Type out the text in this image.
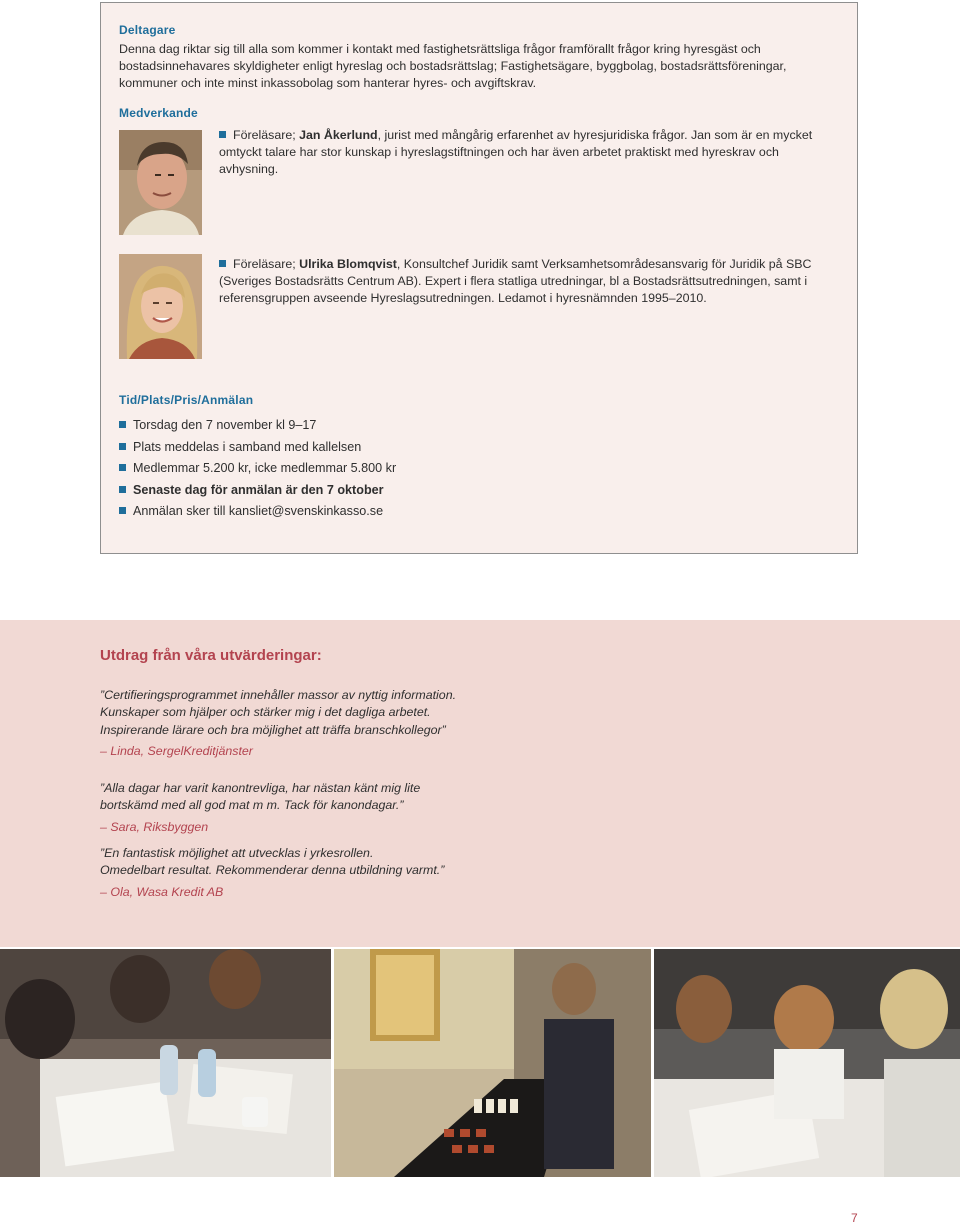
Deltagare
Denna dag riktar sig till alla som kommer i kontakt med fastighetsrättsliga frågor framförallt frågor kring hyresgäst och bostadsinnehavares skyldigheter enligt hyreslag och bostadsrättslag; Fastighetsägare, byggbolag, bostadsrättsföreningar, kommuner och inte minst inkassobolag som hanterar hyres- och avgiftskrav.
Medverkande
Föreläsare; Jan Åkerlund, jurist med mångårig erfarenhet av hyresjuridiska frågor. Jan som är en mycket omtyckt talare har stor kunskap i hyreslagstiftningen och har även arbetet praktiskt med hyreskrav och avhysning.
Föreläsare; Ulrika Blomqvist, Konsultchef Juridik samt Verksamhetsområdesansvarig för Juridik på SBC (Sveriges Bostadsrätts Centrum AB). Expert i flera statliga utredningar, bl a Bostadsrättsutredningen, samt i referensgruppen avseende Hyreslagsutredningen. Ledamot i hyresnämnden 1995–2010.
Tid/Plats/Pris/Anmälan
Torsdag den 7 november kl 9–17
Plats meddelas i samband med kallelsen
Medlemmar 5.200 kr, icke medlemmar 5.800 kr
Senaste dag för anmälan är den 7 oktober
Anmälan sker till kansliet@svenskinkasso.se
Utdrag från våra utvärderingar:
”Certifieringsprogrammet innehåller massor av nyttig information.
Kunskaper som hjälper och stärker mig i det dagliga arbetet.
Inspirerande lärare och bra möjlighet att träffa branschkollegor”
– Linda, SergelKreditjänster
”Alla dagar har varit kanontrevliga, har nästan känt mig lite
bortskämd med all god mat m m. Tack för kanondagar.”
– Sara, Riksbyggen
”En fantastisk möjlighet att utvecklas i yrkesrollen.
Omedelbart resultat. Rekommenderar denna utbildning varmt.”
– Ola, Wasa Kredit AB
7
